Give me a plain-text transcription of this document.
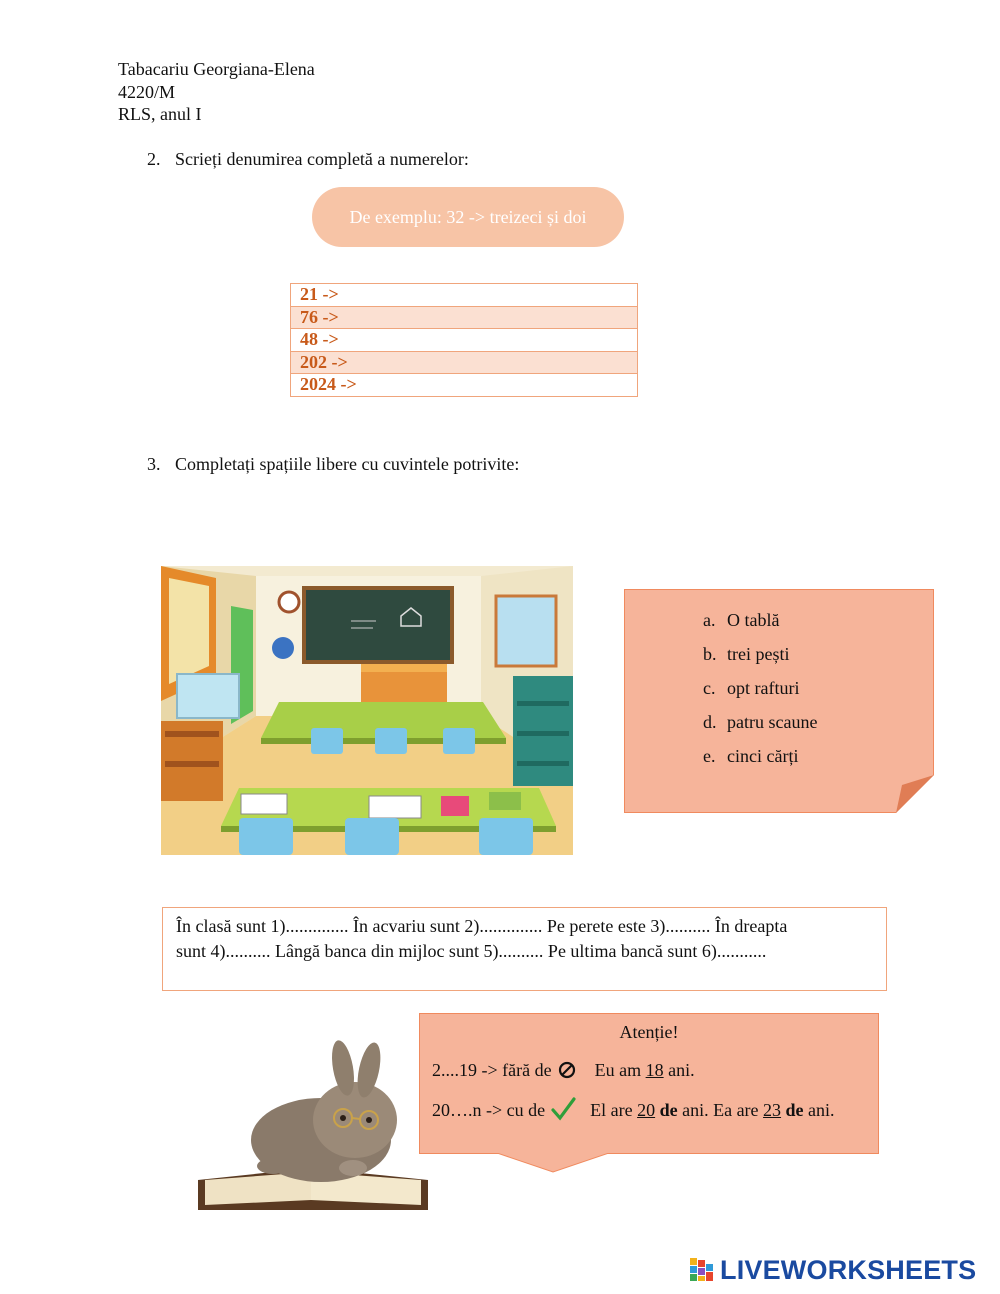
Tabacariu Georgiana-Elena
4220/M
RLS, anul I
2. Scrieți denumirea completă a numerelor:
De exemplu: 32 -> treizeci și doi
21 ->
76 ->
48 ->
202 ->
2024 ->
3. Completați spațiile libere cu cuvintele potrivite:
a. O tablă
b. trei pești
c. opt rafturi
d. patru scaune
e. cinci cărți
În clasă sunt 1).............. În acvariu sunt 2).............. Pe perete este 3).......... În dreapta
sunt 4).......... Lângă banca din mijloc sunt 5).......... Pe ultima bancă sunt 6)...........
Atenție!
2....19 -> fără de Eu am 18 ani.
20….n -> cu de	El are 20 de ani. Ea are 23 de ani.
LIVEWORKSHEETS
